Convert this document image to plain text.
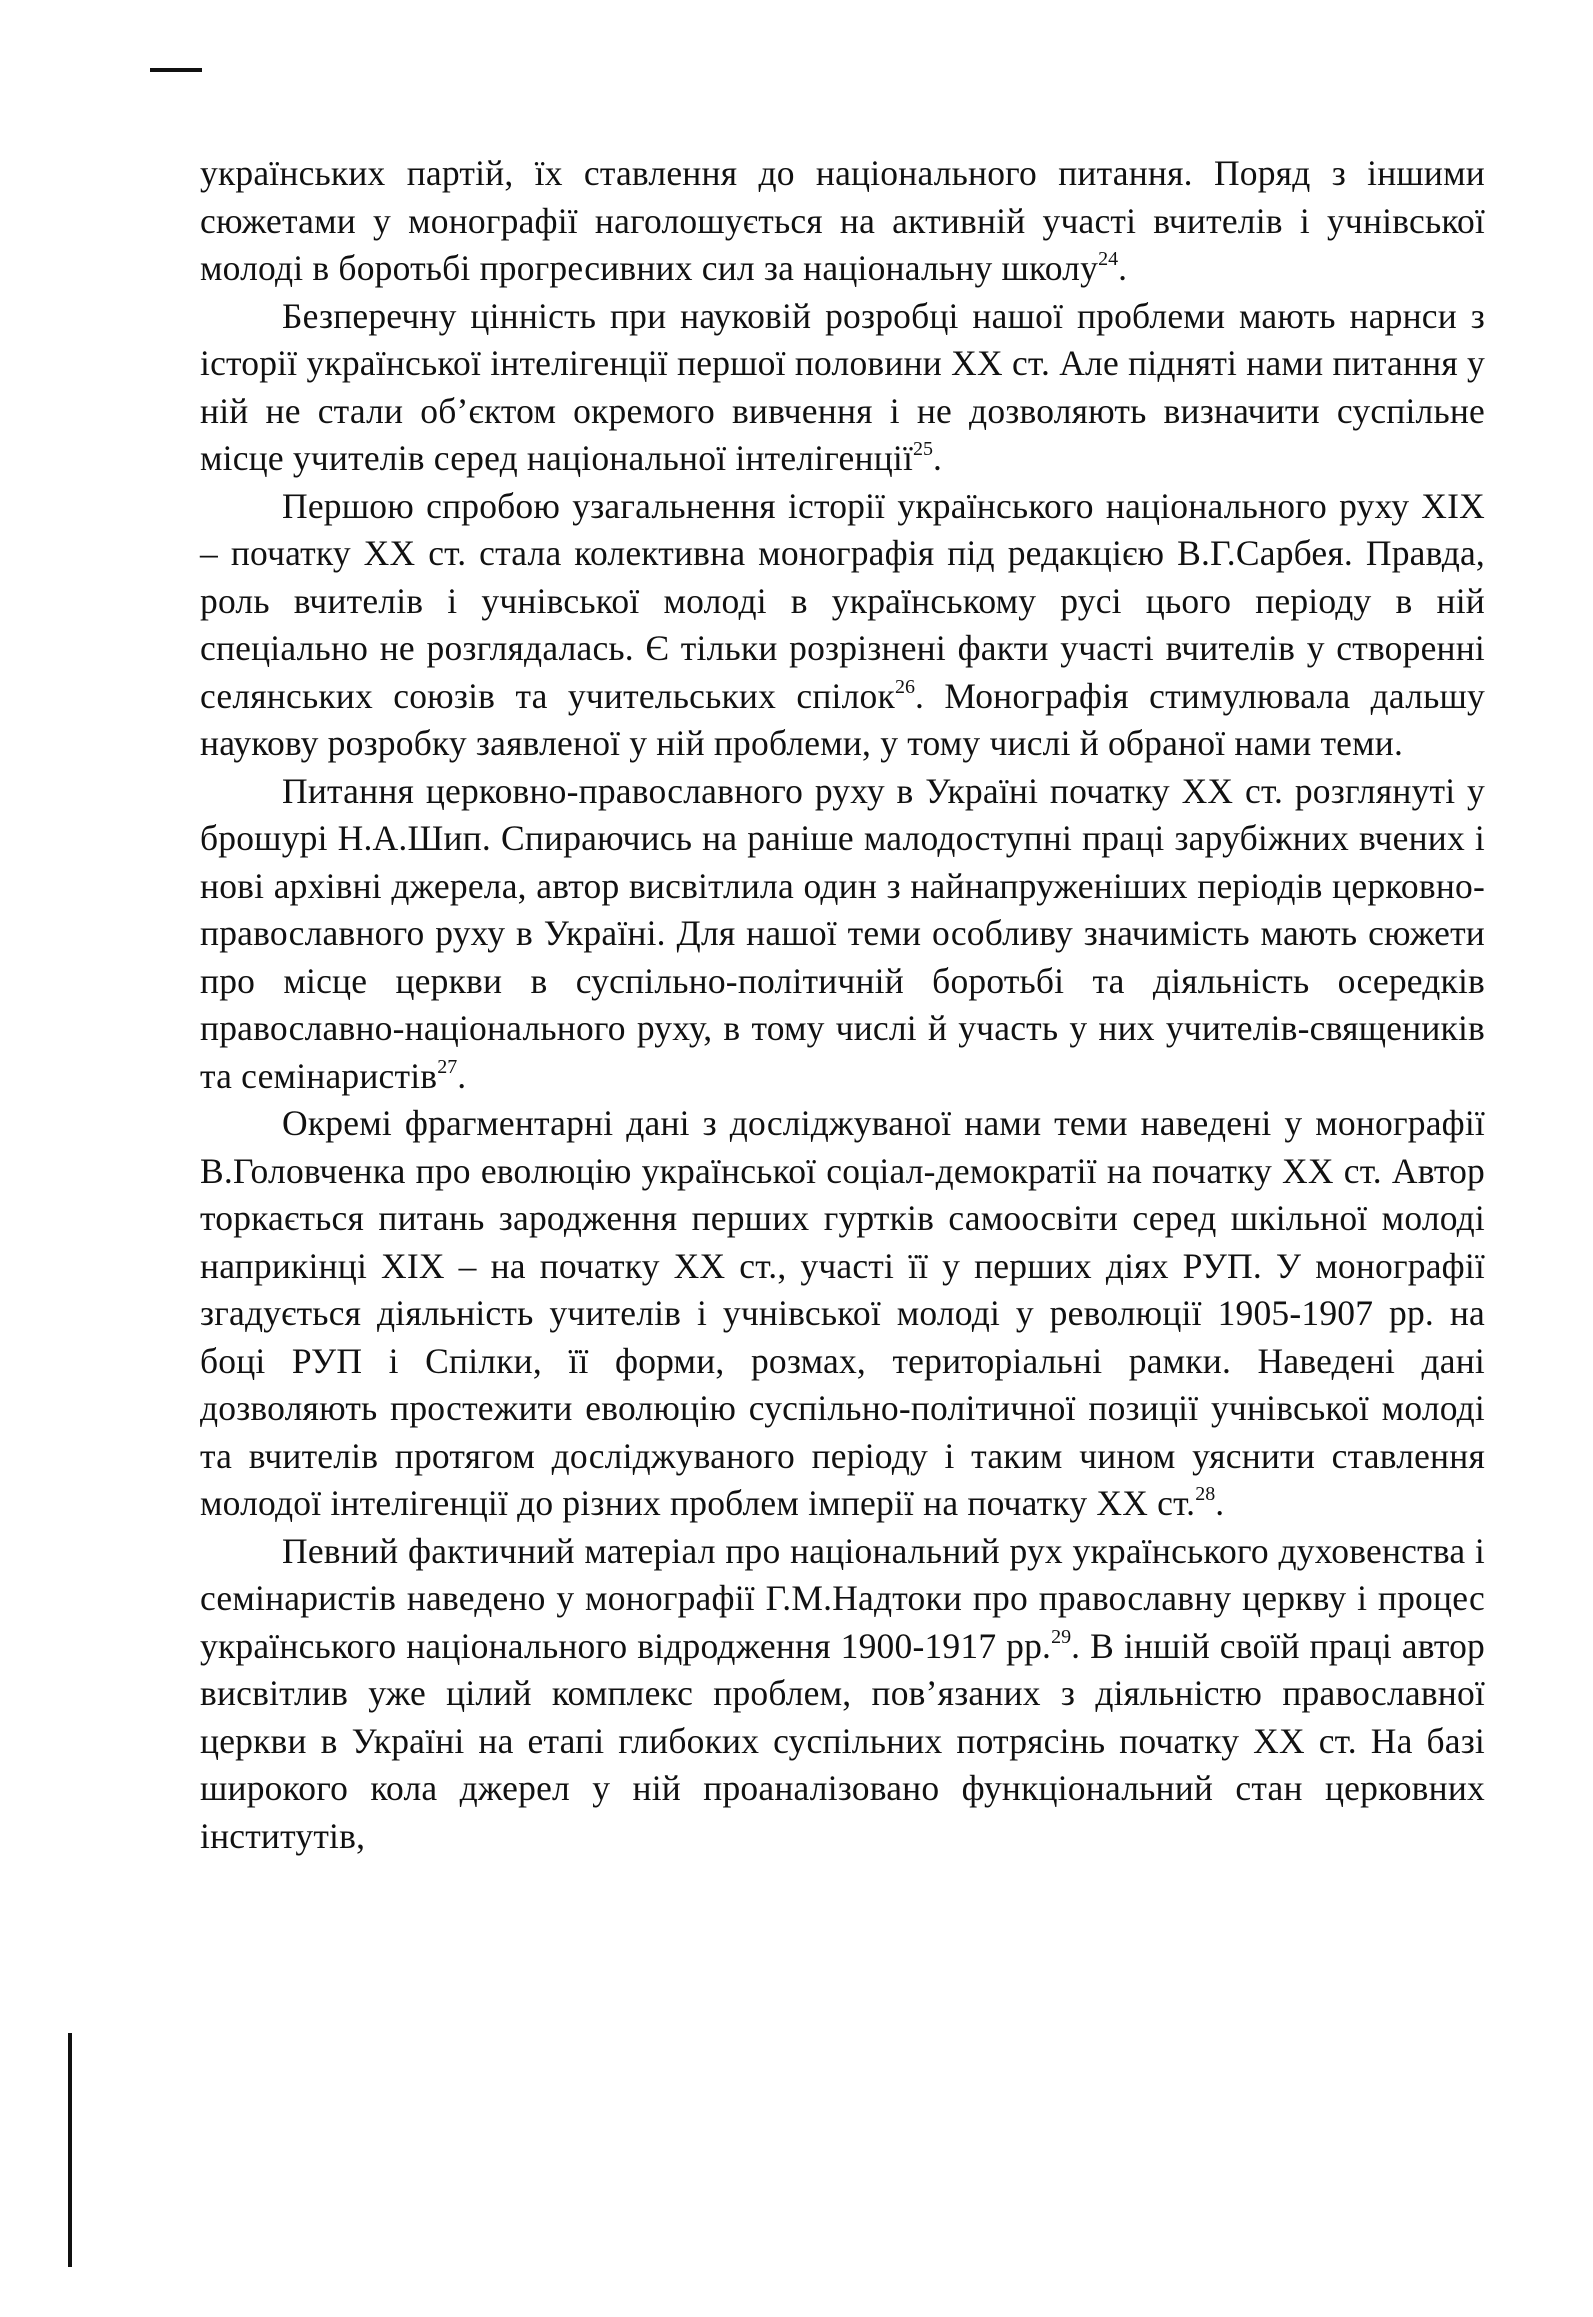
українських партій, їх ставлення до національного питання. Поряд з іншими сюжетами у монографії наголошується на активній участі вчителів і учнівської молоді в боротьбі прогресивних сил за національну школу$^{24}$.

Безперечну цінність при науковій розробці нашої проблеми мають нарнси з історії української інтелігенції першої половини XX ст. Але підняті нами питання у ній не стали об’єктом окремого вивчення і не дозволяють визначити суспільне місце учителів серед національної інтелігенції$^{25}$.

Першою спробою узагальнення історії українського національного руху XIX – початку XX ст. стала колективна монографія під редакцією В.Г.Сарбея. Правда, роль вчителів і учнівської молоді в українському русі цього періоду в ній спеціально не розглядалась. Є тільки розрізнені факти участі вчителів у створенні селянських союзів та учительських спілок$^{26}$. Монографія стимулювала дальшу наукову розробку заявленої у ній проблеми, у тому числі й обраної нами теми.

Питання церковно-православного руху в Україні початку XX ст. розглянуті у брошурі Н.А.Шип. Спираючись на раніше малодоступні праці зарубіжних вчених і нові архівні джерела, автор висвітлила один з найнапруженіших періодів церковно-православного руху в Україні. Для нашої теми особливу значимість мають сюжети про місце церкви в суспільно-політичній боротьбі та діяльність осередків православно-національного руху, в тому числі й участь у них учителів-священиків та семінаристів$^{27}$.

Окремі фрагментарні дані з досліджуваної нами теми наведені у монографії В.Головченка про еволюцію української соціал-демократії на початку XX ст. Автор торкається питань зародження перших гуртків самоосвіти серед шкільної молоді наприкінці XIX – на початку XX ст., участі її у перших діях РУП. У монографії згадується діяльність учителів і учнівської молоді у революції 1905-1907 рр. на боці РУП і Спілки, її форми, розмах, територіальні рамки. Наведені дані дозволяють простежити еволюцію суспільно-політичної позиції учнівської молоді та вчителів протягом досліджуваного періоду і таким чином уяснити ставлення молодої інтелігенції до різних проблем імперії на початку XX ст.$^{28}$.

Певний фактичний матеріал про національний рух українського духовенства і семінаристів наведено у монографії Г.М.Надтоки про православну церкву і процес українського національного відродження 1900-1917 рр.$^{29}$. В іншій своїй праці автор висвітлив уже цілий комплекс проблем, пов’язаних з діяльністю православної церкви в Україні на етапі глибоких суспільних потрясінь початку XX ст. На базі широкого кола джерел у ній проаналізовано функціональний стан церковних інститутів,
